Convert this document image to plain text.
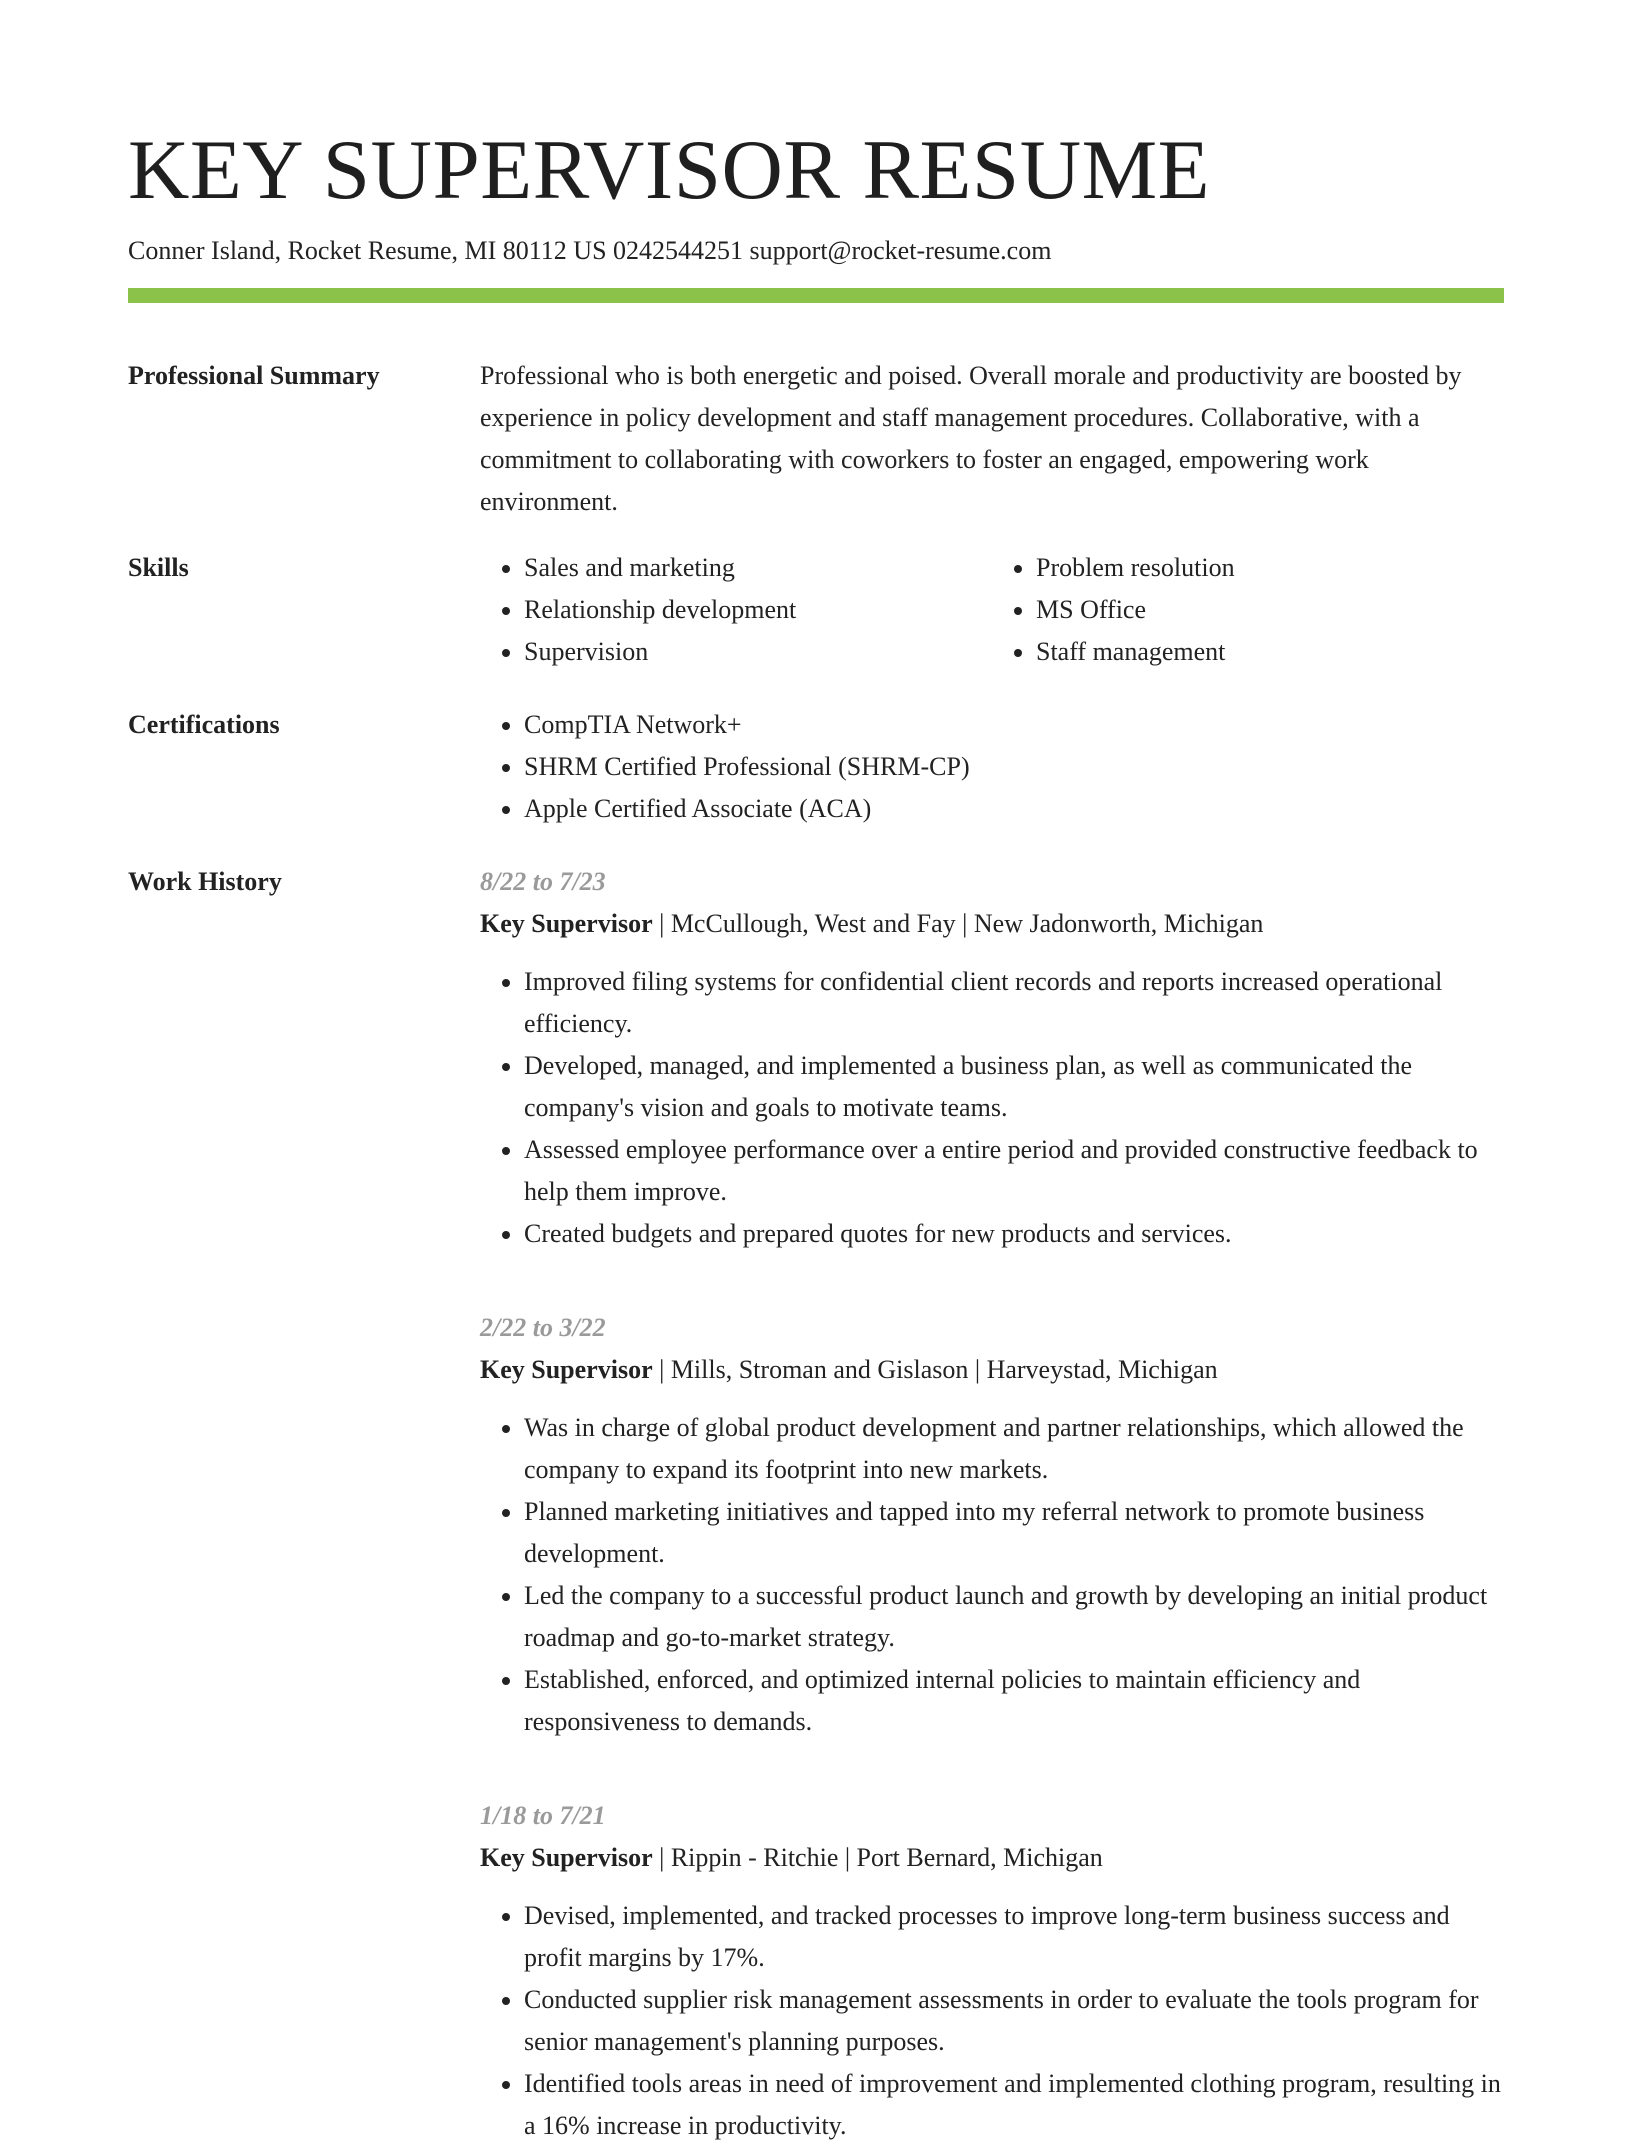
KEY SUPERVISOR RESUME
Conner Island, Rocket Resume, MI 80112 US 0242544251 support@rocket-resume.com
Professional Summary	Professional who is both energetic and poised. Overall morale and productivity are boosted by experience in policy development and staff management procedures. Collaborative, with a commitment to collaborating with coworkers to foster an engaged, empowering work environment.

Skills	• Sales and marketing
• Relationship development
• Supervision
• Problem resolution
• MS Office
• Staff management
Certifications	• CompTIA Network+
• SHRM Certified Professional (SHRM-CP)
• Apple Certified Associate (ACA)
Work History	8/22 to 7/23
Key Supervisor | McCullough, West and Fay | New Jadonworth, Michigan
• Improved filing systems for confidential client records and reports increased operational efficiency.
• Developed, managed, and implemented a business plan, as well as communicated the company's vision and goals to motivate teams.
• Assessed employee performance over a entire period and provided constructive feedback to help them improve.
• Created budgets and prepared quotes for new products and services.
2/22 to 3/22
Key Supervisor | Mills, Stroman and Gislason | Harveystad, Michigan
• Was in charge of global product development and partner relationships, which allowed the company to expand its footprint into new markets.
• Planned marketing initiatives and tapped into my referral network to promote business development.
• Led the company to a successful product launch and growth by developing an initial product roadmap and go-to-market strategy.
• Established, enforced, and optimized internal policies to maintain efficiency and responsiveness to demands.
1/18 to 7/21
Key Supervisor | Rippin - Ritchie | Port Bernard, Michigan
• Devised, implemented, and tracked processes to improve long-term business success and profit margins by 17%.
• Conducted supplier risk management assessments in order to evaluate the tools program for senior management's planning purposes.
• Identified tools areas in need of improvement and implemented clothing program, resulting in a 16% increase in productivity.
